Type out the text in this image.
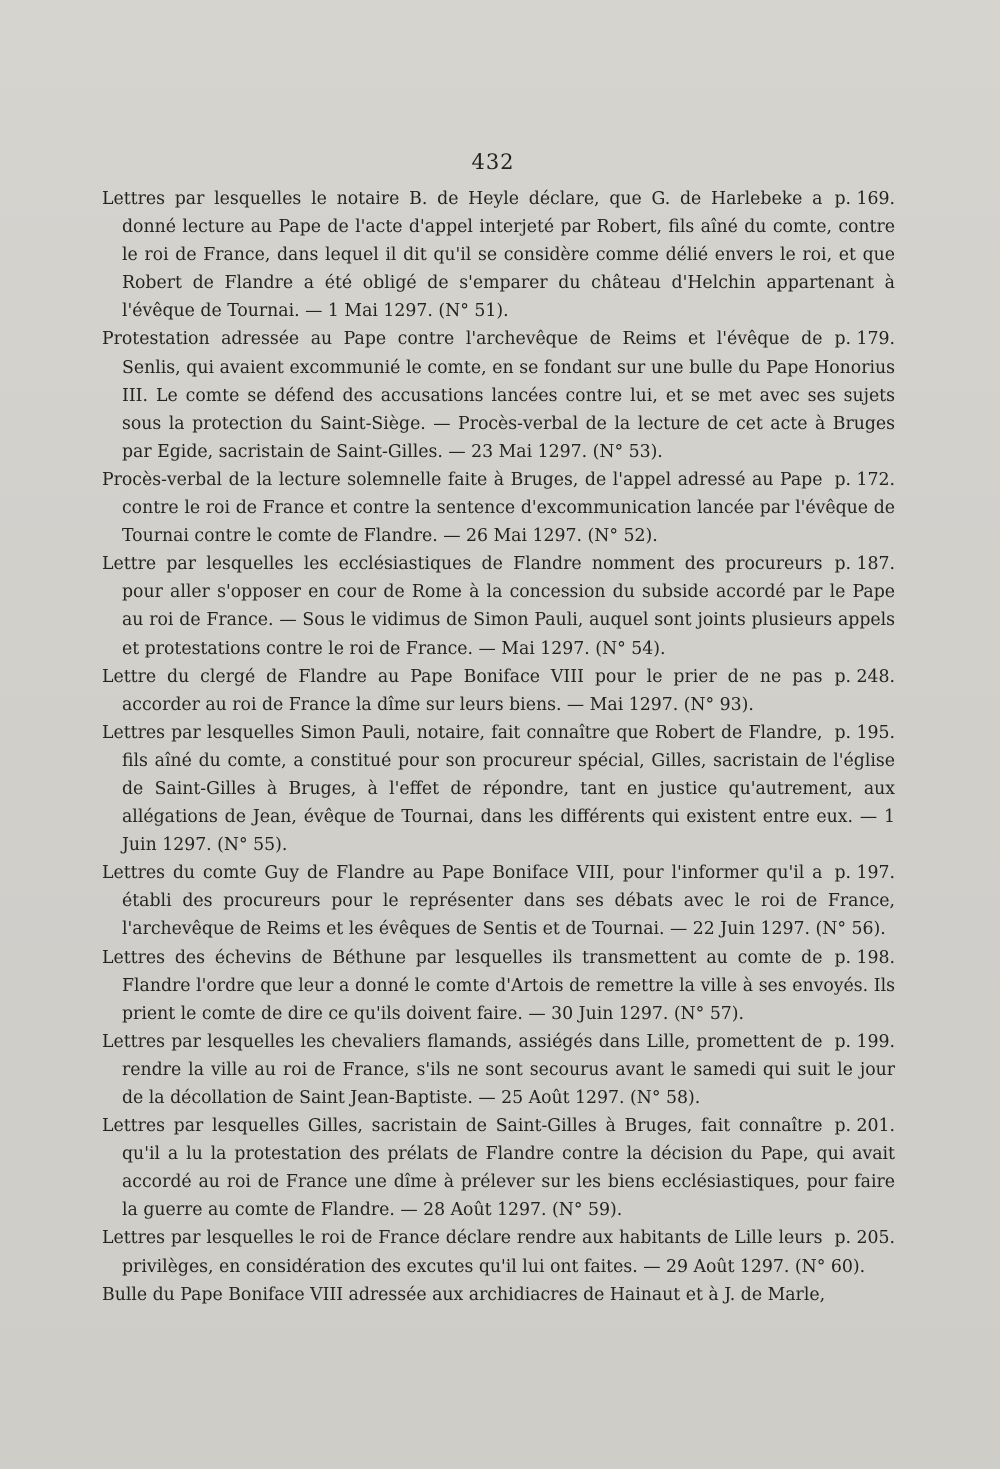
432

p. 169.
Lettres par lesquelles le notaire B. de Heyle déclare, que G. de Harlebeke a donné lecture au Pape de l'acte d'appel interjeté par Robert, fils aîné du comte, contre le roi de France, dans lequel il dit qu'il se considère comme délié envers le roi, et que Robert de Flandre a été obligé de s'emparer du château d'Helchin appartenant à l'évêque de Tournai. — 1 Mai 1297. (N° 51).

p. 179.
Protestation adressée au Pape contre l'archevêque de Reims et l'évêque de Senlis, qui avaient excommunié le comte, en se fondant sur une bulle du Pape Honorius III. Le comte se défend des accusations lancées contre lui, et se met avec ses sujets sous la protection du Saint-Siège. — Procès-verbal de la lecture de cet acte à Bruges par Egide, sacristain de Saint-Gilles. — 23 Mai 1297. (N° 53).

p. 172.
Procès-verbal de la lecture solemnelle faite à Bruges, de l'appel adressé au Pape contre le roi de France et contre la sentence d'excommunication lancée par l'évêque de Tournai contre le comte de Flandre. — 26 Mai 1297. (N° 52).

p. 187.
Lettre par lesquelles les ecclésiastiques de Flandre nomment des procureurs pour aller s'opposer en cour de Rome à la concession du subside accordé par le Pape au roi de France. — Sous le vidimus de Simon Pauli, auquel sont joints plusieurs appels et protestations contre le roi de France. — Mai 1297. (N° 54).

p. 248.
Lettre du clergé de Flandre au Pape Boniface VIII pour le prier de ne pas accorder au roi de France la dîme sur leurs biens. — Mai 1297. (N° 93).

p. 195.
Lettres par lesquelles Simon Pauli, notaire, fait connaître que Robert de Flandre, fils aîné du comte, a constitué pour son procureur spécial, Gilles, sacristain de l'église de Saint-Gilles à Bruges, à l'effet de répondre, tant en justice qu'autrement, aux allégations de Jean, évêque de Tournai, dans les différents qui existent entre eux. — 1 Juin 1297. (N° 55).

p. 197.
Lettres du comte Guy de Flandre au Pape Boniface VIII, pour l'informer qu'il a établi des procureurs pour le représenter dans ses débats avec le roi de France, l'archevêque de Reims et les évêques de Sentis et de Tournai. — 22 Juin 1297. (N° 56).

p. 198.
Lettres des échevins de Béthune par lesquelles ils transmettent au comte de Flandre l'ordre que leur a donné le comte d'Artois de remettre la ville à ses envoyés. Ils prient le comte de dire ce qu'ils doivent faire. — 30 Juin 1297. (N° 57).

p. 199.
Lettres par lesquelles les chevaliers flamands, assiégés dans Lille, promettent de rendre la ville au roi de France, s'ils ne sont secourus avant le samedi qui suit le jour de la décollation de Saint Jean-Baptiste. — 25 Août 1297. (N° 58).

p. 201.
Lettres par lesquelles Gilles, sacristain de Saint-Gilles à Bruges, fait connaître qu'il a lu la protestation des prélats de Flandre contre la décision du Pape, qui avait accordé au roi de France une dîme à prélever sur les biens ecclésiastiques, pour faire la guerre au comte de Flandre. — 28 Août 1297. (N° 59).

p. 205.
Lettres par lesquelles le roi de France déclare rendre aux habitants de Lille leurs privilèges, en considération des excutes qu'il lui ont faites. — 29 Août 1297. (N° 60).

Bulle du Pape Boniface VIII adressée aux archidiacres de Hainaut et à J. de Marle,
